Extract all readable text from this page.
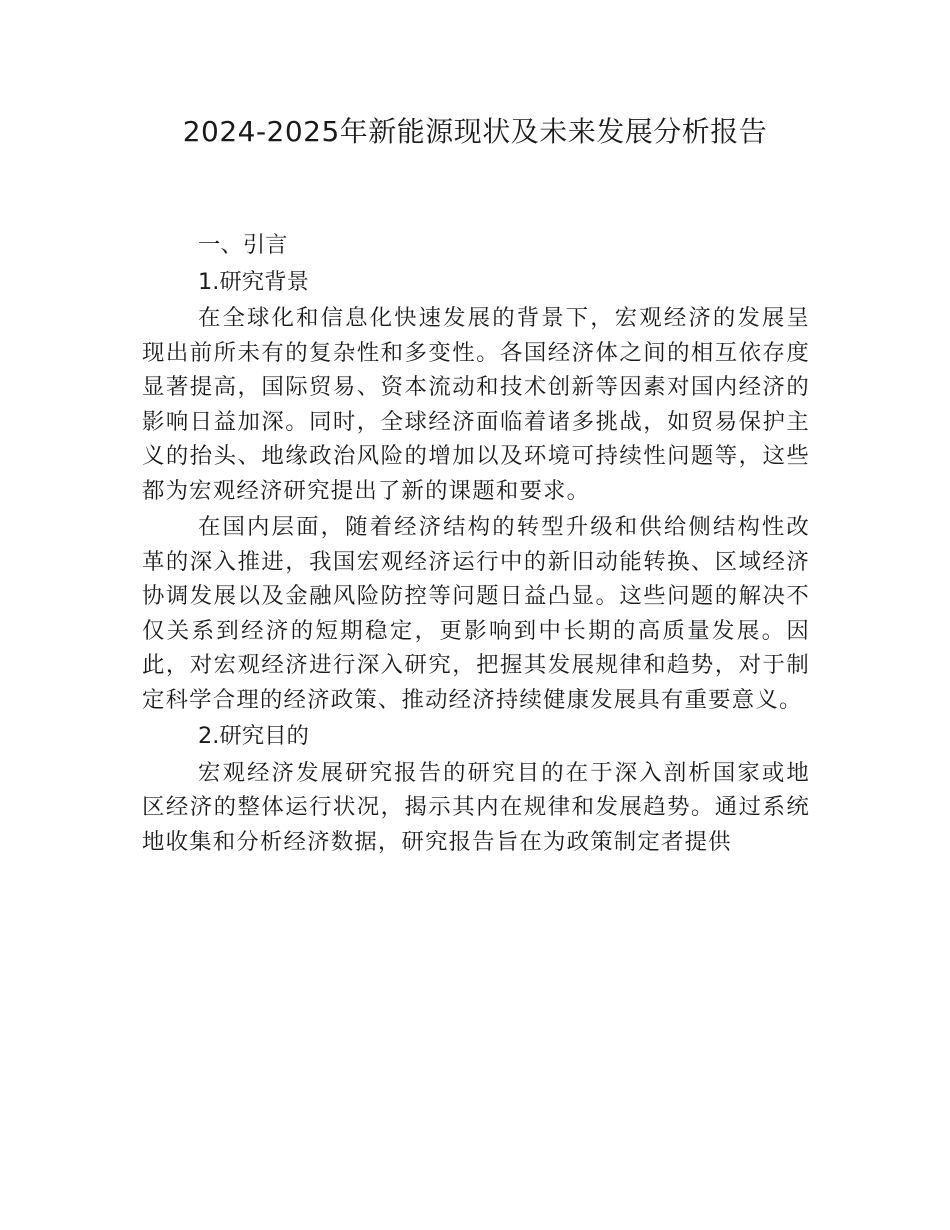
2024-2025年新能源现状及未来发展分析报告
一、引言
1.研究背景

在全球化和信息化快速发展的背景下，宏观经济的发展呈现出前所未有的复杂性和多变性。各国经济体之间的相互依存度显著提高，国际贸易、资本流动和技术创新等因素对国内经济的影响日益加深。同时，全球经济面临着诸多挑战，如贸易保护主义的抬头、地缘政治风险的增加以及环境可持续性问题等，这些都为宏观经济研究提出了新的课题和要求。

在国内层面，随着经济结构的转型升级和供给侧结构性改革的深入推进，我国宏观经济运行中的新旧动能转换、区域经济协调发展以及金融风险防控等问题日益凸显。这些问题的解决不仅关系到经济的短期稳定，更影响到中长期的高质量发展。因此，对宏观经济进行深入研究，把握其发展规律和趋势，对于制定科学合理的经济政策、推动经济持续健康发展具有重要意义。

2.研究目的

宏观经济发展研究报告的研究目的在于深入剖析国家或地区经济的整体运行状况，揭示其内在规律和发展趋势。通过系统地收集和分析经济数据，研究报告旨在为政策制定者提供
